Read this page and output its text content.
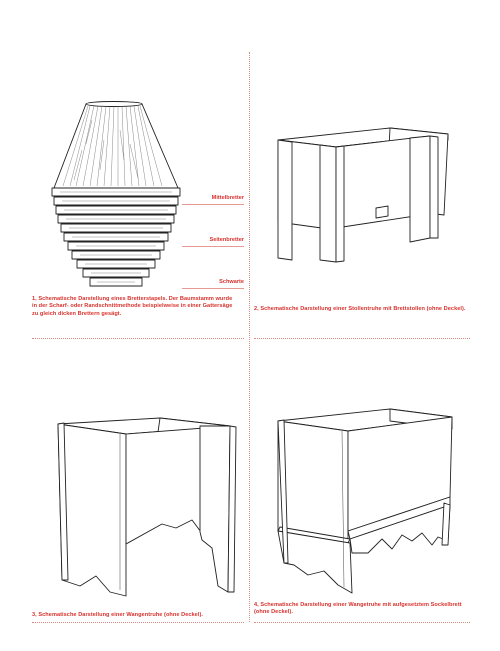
Mittelbretter
Seitenbretter
Schwarte
1, Schematische Darstellung eines Bretterstapels. Der Baumstamm wurde in der Scharf- oder Randschnittmethode beispielweise in einer Gattersäge zu gleich dicken Brettern gesägt.
2, Schematische Darstellung einer Stollentruhe mit Brettstollen (ohne Deckel).
3, Schematische Darstellung einer Wangentruhe (ohne Deckel).
4, Schematische Darstellung einer Wangetruhe mit aufgesetztem Sockelbrett (ohne Deckel).
